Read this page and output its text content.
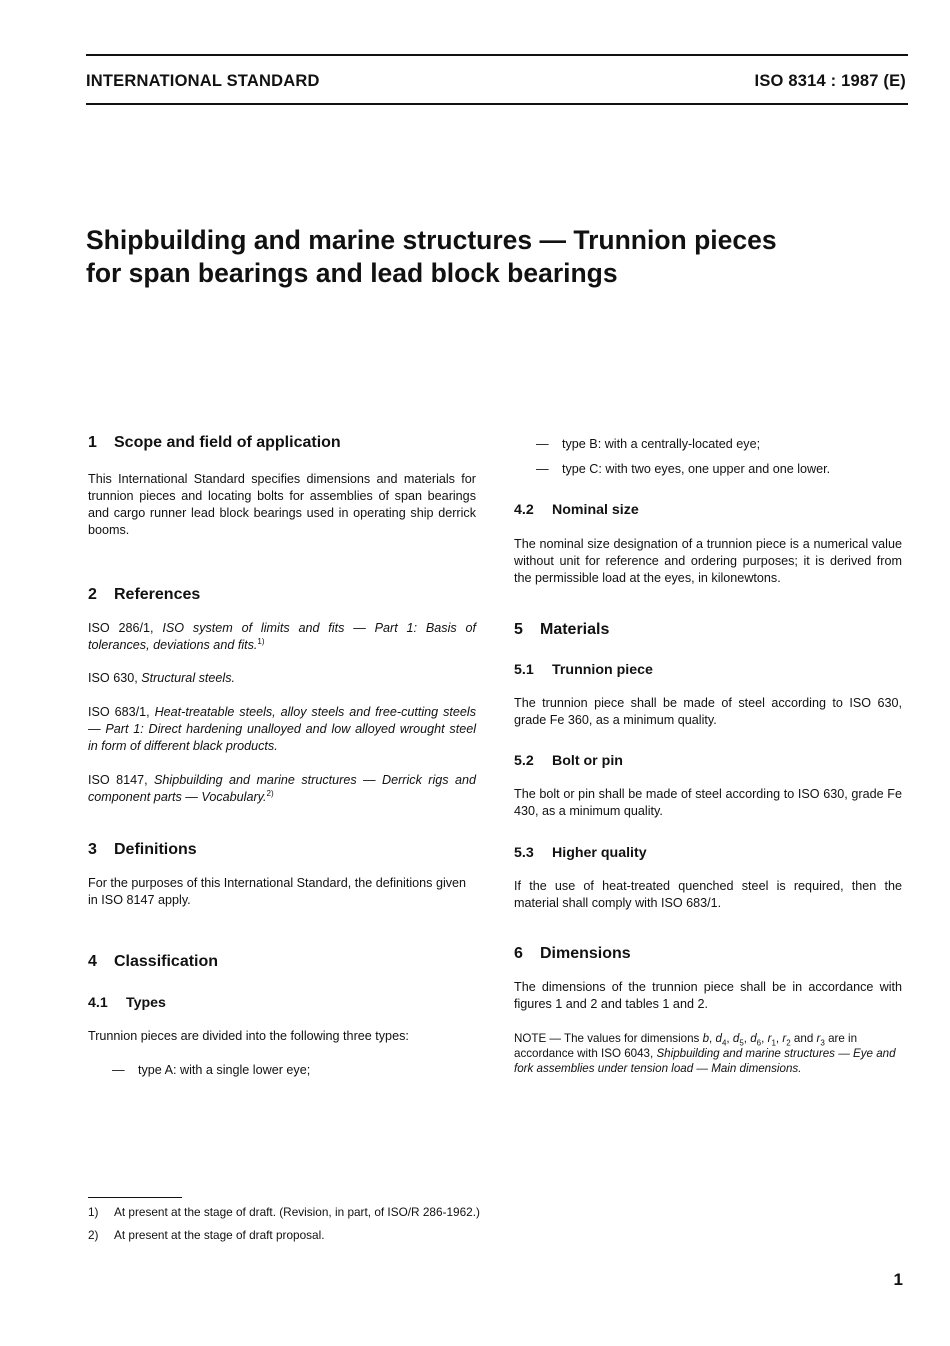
INTERNATIONAL STANDARD	ISO 8314 : 1987 (E)
Shipbuilding and marine structures — Trunnion pieces
for span bearings and lead block bearings
1 Scope and field of application

This International Standard specifies dimensions and materials for trunnion pieces and locating bolts for assemblies of span bearings and cargo runner lead block bearings used in operating ship derrick booms.

2 References

ISO 286/1, ISO system of limits and fits — Part 1: Basis of tolerances, deviations and fits.$^{1)}$

ISO 630, Structural steels.

ISO 683/1, Heat-treatable steels, alloy steels and free-cutting steels — Part 1: Direct hardening unalloyed and low alloyed wrought steel in form of different black products.

ISO 8147, Shipbuilding and marine structures — Derrick rigs and component parts — Vocabulary.$^{2)}$

3 Definitions

For the purposes of this International Standard, the definitions given in ISO 8147 apply.

4 Classification
4.1 Types

Trunnion pieces are divided into the following three types:

— type A: with a single lower eye;

— type B: with a centrally-located eye;

— type C: with two eyes, one upper and one lower.

4.2 Nominal size

The nominal size designation of a trunnion piece is a numerical value without unit for reference and ordering purposes; it is derived from the permissible load at the eyes, in kilonewtons.

5 Materials
5.1 Trunnion piece

The trunnion piece shall be made of steel according to ISO 630, grade Fe 360, as a minimum quality.

5.2 Bolt or pin

The bolt or pin shall be made of steel according to ISO 630, grade Fe 430, as a minimum quality.

5.3 Higher quality

If the use of heat-treated quenched steel is required, then the material shall comply with ISO 683/1.

6 Dimensions

The dimensions of the trunnion piece shall be in accordance with figures 1 and 2 and tables 1 and 2.

NOTE — The values for dimensions b, $d_4$, $d_5$, $d_6$, $r_1$, $r_2$ and $r_3$ are in accordance with ISO 6043, Shipbuilding and marine structures — Eye and fork assemblies under tension load — Main dimensions.

1) At present at the stage of draft. (Revision, in part, of ISO/R 286-1962.)
2) At present at the stage of draft proposal.
1
